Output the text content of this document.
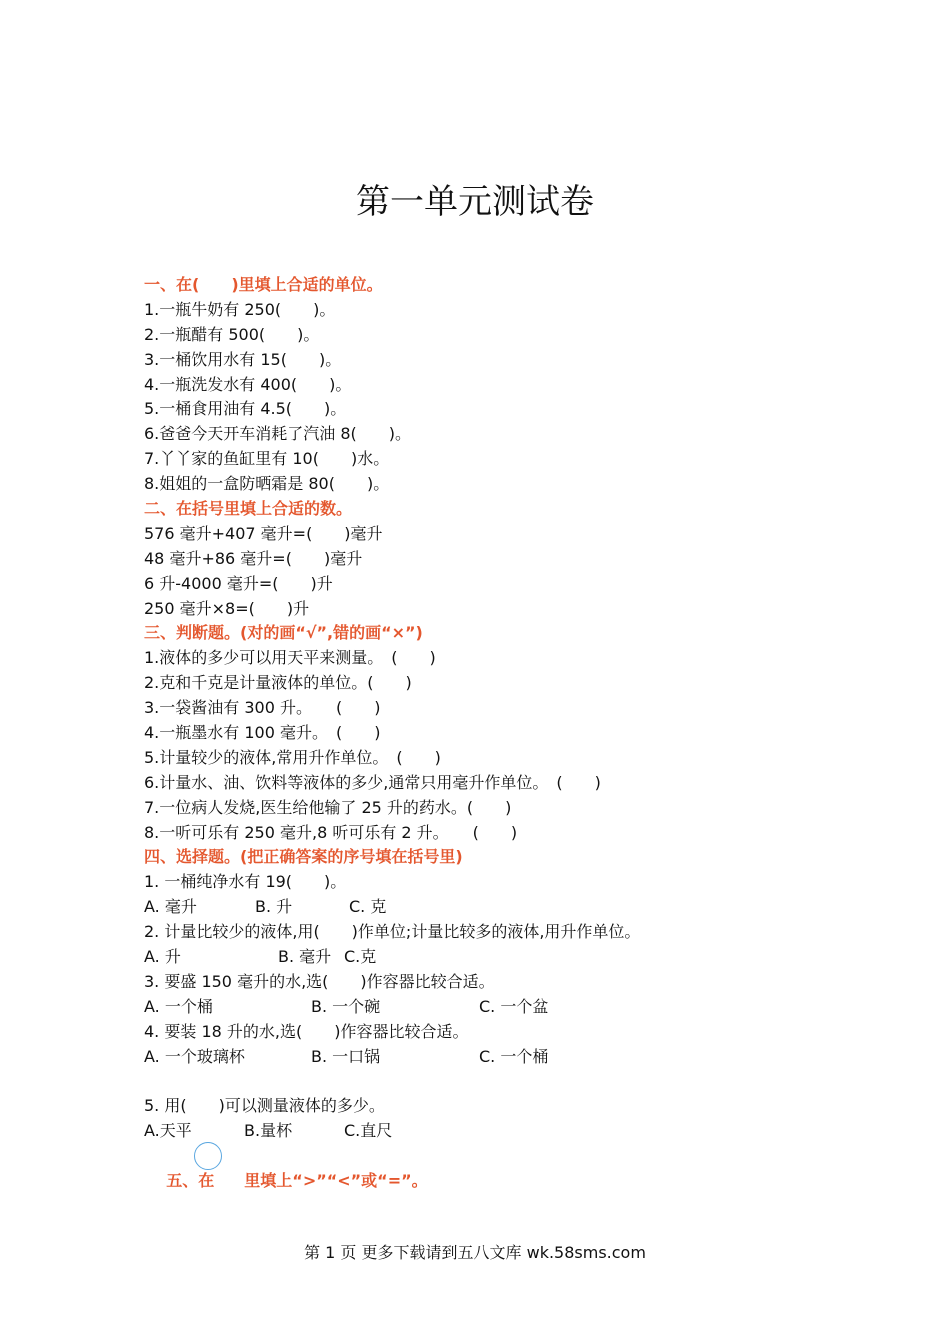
第一单元测试卷
一、在(　　)里填上合适的单位。
1.一瓶牛奶有 250(　　)。
2.一瓶醋有 500(　　)。
3.一桶饮用水有 15(　　)。
4.一瓶洗发水有 400(　　)。
5.一桶食用油有 4.5(　　)。
6.爸爸今天开车消耗了汽油 8(　　)。
7.丫丫家的鱼缸里有 10(　　)水。
8.姐姐的一盒防晒霜是 80(　　)。
二、在括号里填上合适的数。
576 毫升+407 毫升=(　　)毫升
48 毫升+86 毫升=(　　)毫升
6 升-4000 毫升=(　　)升
250 毫升×8=(　　)升
三、判断题。(对的画“√”,错的画“×”)
1.液体的多少可以用天平来测量。　(　　)
2.克和千克是计量液体的单位。(　　)
3.一袋酱油有 300 升。　　(　　)
4.一瓶墨水有 100 毫升。　(　　)
5.计量较少的液体,常用升作单位。　(　　)
6.计量水、油、饮料等液体的多少,通常只用毫升作单位。　(　　)
7.一位病人发烧,医生给他输了 25 升的药水。(　　)
8.一听可乐有 250 毫升,8 听可乐有 2 升。　　(　　)
四、选择题。(把正确答案的序号填在括号里)
1. 一桶纯净水有 19(　　)。
A. 毫升	B. 升	C. 克
2. 计量比较少的液体,用(　　)作单位;计量比较多的液体,用升作单位。
A. 升	B. 毫升 C.克
3. 要盛 150 毫升的水,选(　　)作容器比较合适。
A. 一个桶	B. 一个碗	C. 一个盆
4. 要装 18 升的水,选(　　)作容器比较合适。
A. 一个玻璃杯	B. 一口锅	C. 一个桶
5. 用(　　)可以测量液体的多少。
A.天平	B.量杯	C.直尺

五、在 里填上“>”“<”或“=”。

第 1 页 更多下载请到五八文库 wk.58sms.com
